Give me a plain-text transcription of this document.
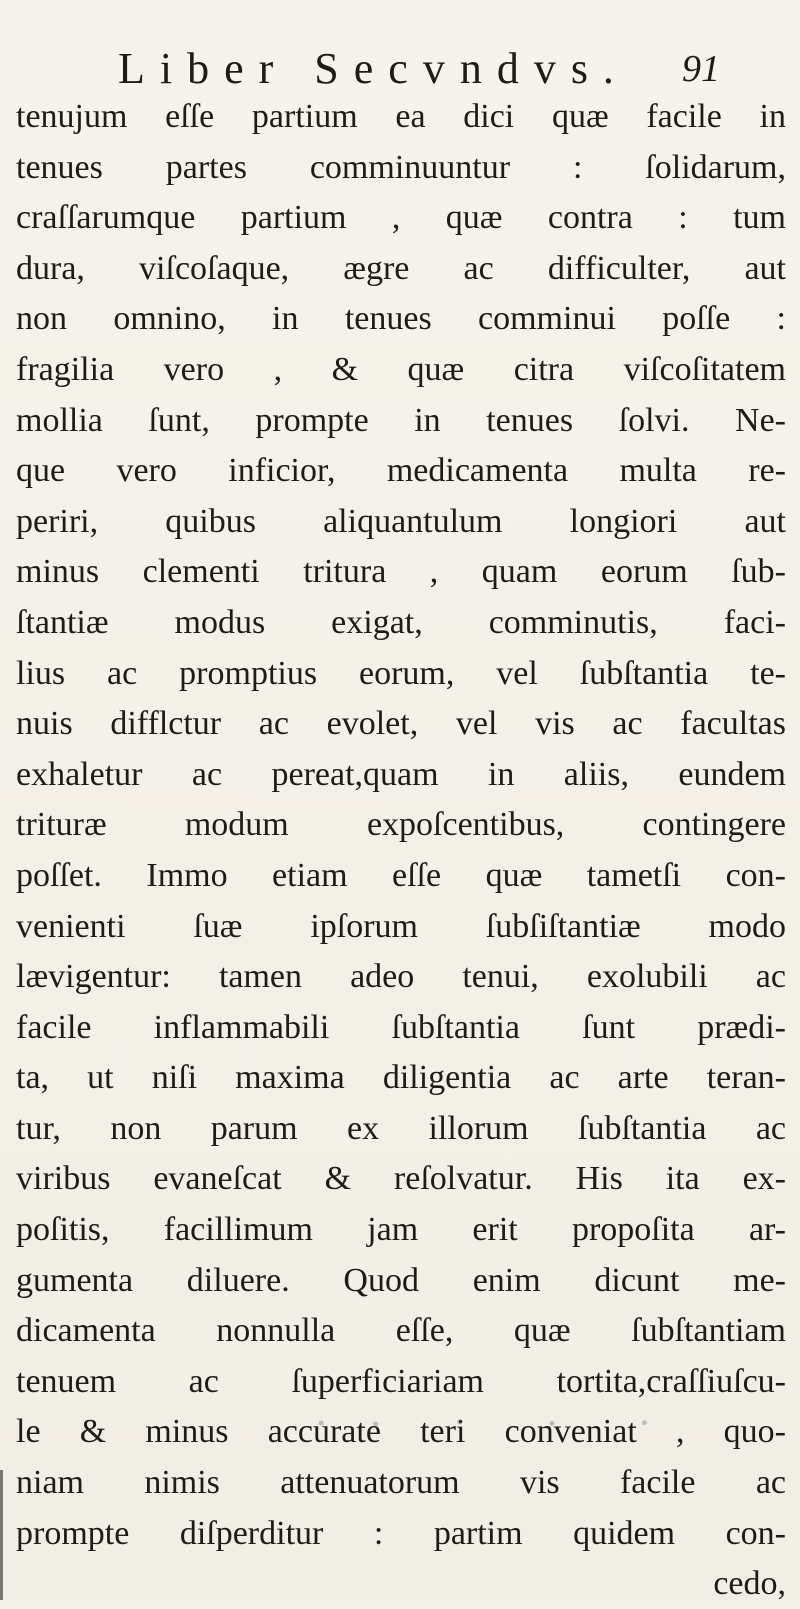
Liber Secvndvs. 91
tenujum eſſe partium ea dici quæ facile in
tenues partes comminuuntur : ſolidarum,
craſſarumque partium , quæ contra : tum
dura, viſcoſaque, ægre ac difficulter, aut
non omnino, in tenues comminui poſſe :
fragilia vero , & quæ citra viſcoſitatem
mollia ſunt, prompte in tenues ſolvi. Ne-
que vero inficior, medicamenta multa re-
periri, quibus aliquantulum longiori aut
minus clementi tritura , quam eorum ſub-
ſtantiæ modus exigat, comminutis, faci-
lius ac promptius eorum, vel ſubſtantia te-
nuis difflctur ac evolet, vel vis ac facultas
exhaletur ac pereat,quam in aliis, eundem
trituræ modum expoſcentibus, contingere
poſſet. Immo etiam eſſe quæ tametſi con-
venienti ſuæ ipſorum ſubſiſtantiæ modo
lævigentur: tamen adeo tenui, exolubili ac
facile inflammabili ſubſtantia ſunt prædi-
ta, ut niſi maxima diligentia ac arte teran-
tur, non parum ex illorum ſubſtantia ac
viribus evaneſcat & reſolvatur. His ita ex-
poſitis, facillimum jam erit propoſita ar-
gumenta diluere. Quod enim dicunt me-
dicamenta nonnulla eſſe, quæ ſubſtantiam
tenuem ac ſuperficiariam tortita,craſſiuſcu-
le & minus accurate teri conveniat , quo-
niam nimis attenuatorum vis facile ac
prompte diſperditur : partim quidem con-
cedo,
